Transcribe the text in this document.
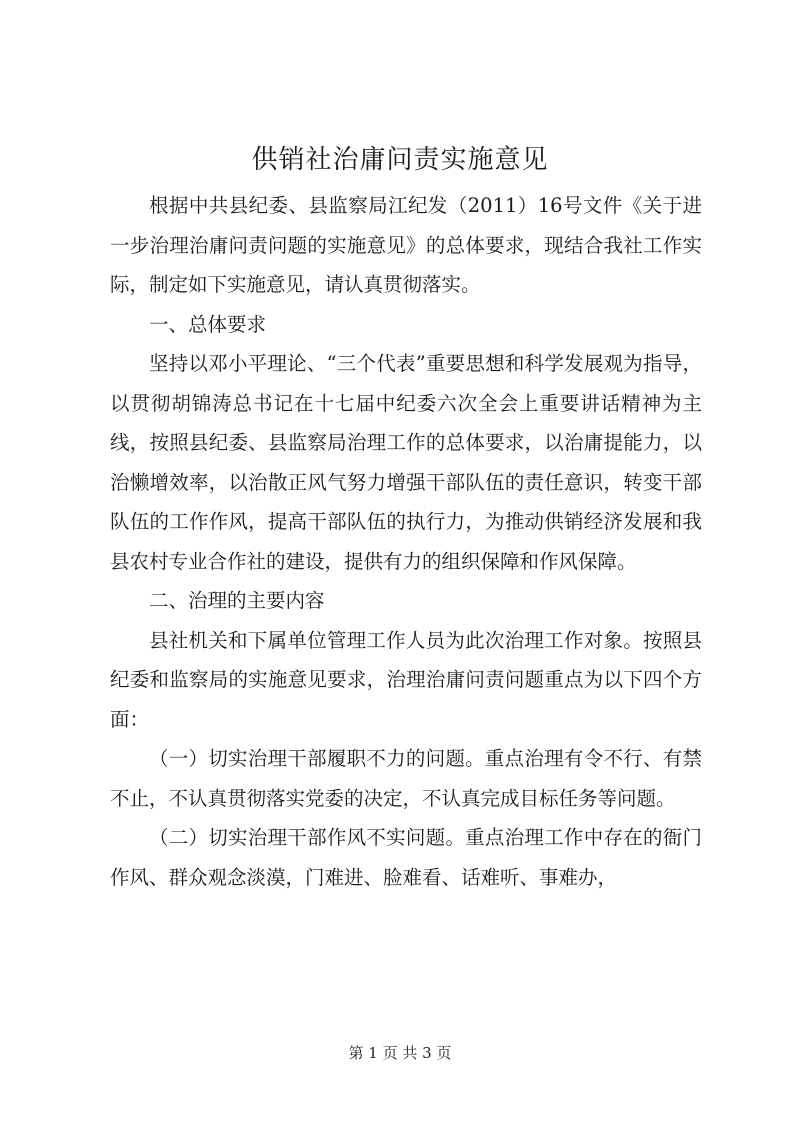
供销社治庸问责实施意见

根据中共县纪委、县监察局江纪发（2011）16号文件《关于进一步治理治庸问责问题的实施意见》的总体要求，现结合我社工作实际，制定如下实施意见，请认真贯彻落实。

一、总体要求

坚持以邓小平理论、“三个代表”重要思想和科学发展观为指导，以贯彻胡锦涛总书记在十七届中纪委六次全会上重要讲话精神为主线，按照县纪委、县监察局治理工作的总体要求，以治庸提能力，以治懒增效率，以治散正风气努力增强干部队伍的责任意识，转变干部队伍的工作作风，提高干部队伍的执行力，为推动供销经济发展和我县农村专业合作社的建设，提供有力的组织保障和作风保障。

二、治理的主要内容

县社机关和下属单位管理工作人员为此次治理工作对象。按照县纪委和监察局的实施意见要求，治理治庸问责问题重点为以下四个方面：

（一）切实治理干部履职不力的问题。重点治理有令不行、有禁不止，不认真贯彻落实党委的决定，不认真完成目标任务等问题。

（二）切实治理干部作风不实问题。重点治理工作中存在的衙门作风、群众观念淡漠，门难进、脸难看、话难听、事难办，

第 1 页 共 3 页
